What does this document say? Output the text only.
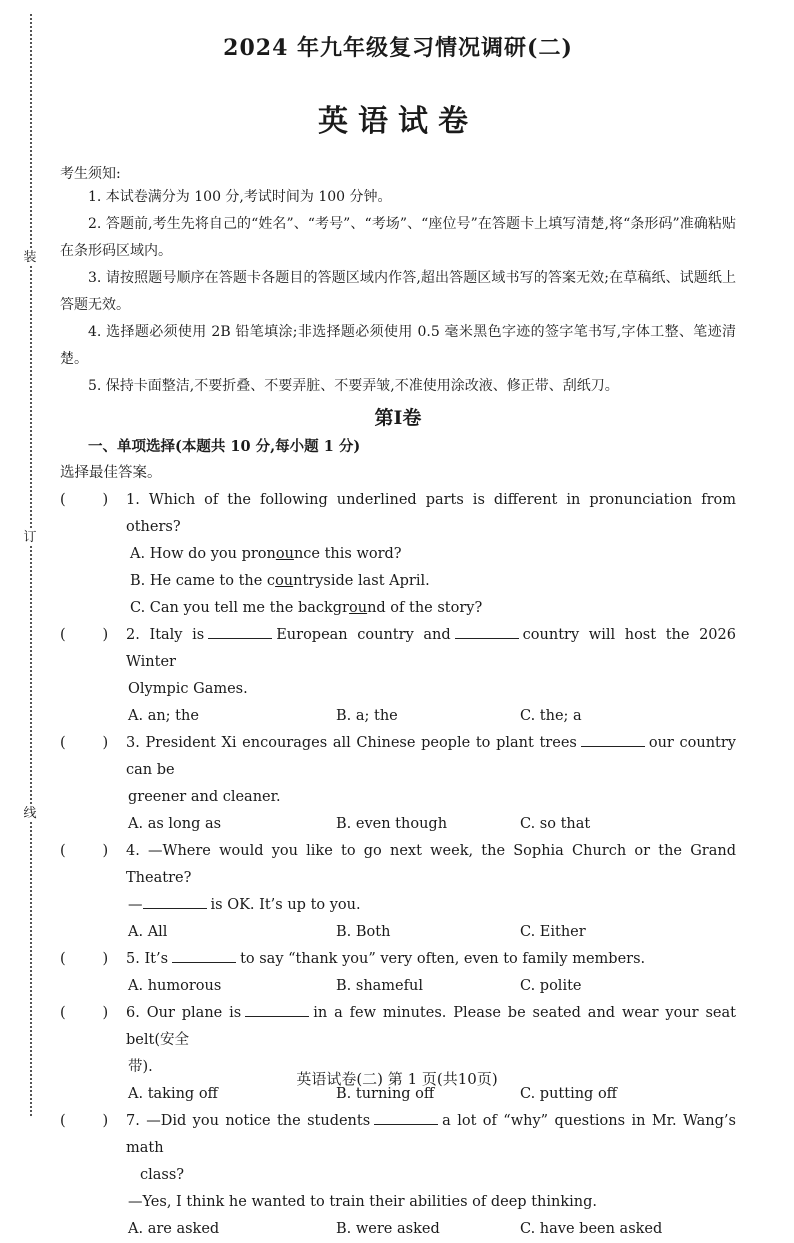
装
订
线
2024 年九年级复习情况调研(二)
英语试卷
考生须知:
1. 本试卷满分为 100 分,考试时间为 100 分钟。
2. 答题前,考生先将自己的“姓名”、“考号”、“考场”、“座位号”在答题卡上填写清楚,将“条形码”准确粘贴在条形码区域内。
3. 请按照题号顺序在答题卡各题目的答题区域内作答,超出答题区域书写的答案无效;在草稿纸、试题纸上答题无效。
4. 选择题必须使用 2B 铅笔填涂;非选择题必须使用 0.5 毫米黑色字迹的签字笔书写,字体工整、笔迹清楚。
5. 保持卡面整洁,不要折叠、不要弄脏、不要弄皱,不准使用涂改液、修正带、刮纸刀。
第Ⅰ卷
一、单项选择(本题共 10 分,每小题 1 分)
选择最佳答案。
(        )	1. Which of the following underlined parts is different in pronunciation from others?
A. How do you pronounce this word?
B. He came to the countryside last April.
C. Can you tell me the background of the story?
(        )	2. Italy is	European country and	country will host the 2026 Winter
Olympic Games.
A. an; the	B. a; the	C. the; a
(        )	3. President Xi encourages all Chinese people to plant trees	our country can be
greener and cleaner.
A. as long as	B. even though	C. so that
(        )	4. —Where would you like to go next week, the Sophia Church or the Grand Theatre?
—	is OK. It’s up to you.
A. All	B. Both	C. Either
(        )	5. It’s	to say “thank you” very often, even to family members.
A. humorous	B. shameful	C. polite
(        )	6. Our plane is	in a few minutes. Please be seated and wear your seat belt(安全
带).
A. taking off	B. turning off	C. putting off
(        )	7. —Did you notice the students	a lot of “why” questions in Mr. Wang’s math
class?
—Yes, I think he wanted to train their abilities of deep thinking.
A. are asked	B. were asked	C. have been asked
英语试卷(二) 第 1 页(共10页)
